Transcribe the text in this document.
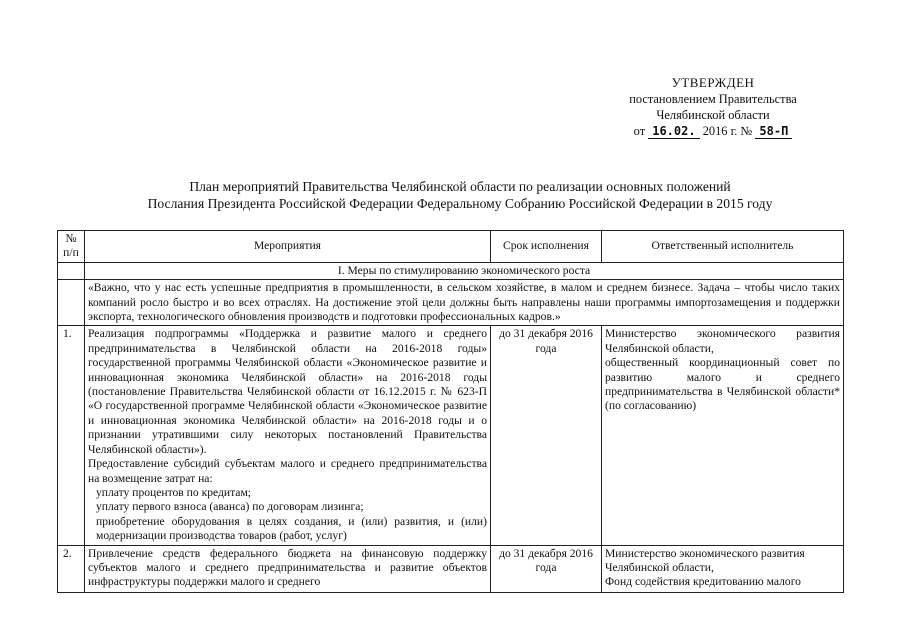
УТВЕРЖДЕН
постановлением Правительства
Челябинской области
от 16.02. 2016 г. № 58-П
План мероприятий Правительства Челябинской области по реализации основных положений
Послания Президента Российской Федерации Федеральному Собранию Российской Федерации в 2015 году
№ п/п	Мероприятия	Срок исполнения	Ответственный исполнитель
	I. Меры по стимулированию экономического роста		
	«Важно, что у нас есть успешные предприятия в промышленности, в сельском хозяйстве, в малом и среднем бизнесе. Задача – чтобы число таких компаний росло быстро и во всех отраслях. На достижение этой цели должны быть направлены наши программы импортозамещения и поддержки экспорта, технологического обновления производств и подготовки профессиональных кадров.»		
1.	Реализация подпрограммы «Поддержка и развитие малого и среднего предпринимательства в Челябинской области на 2016-2018 годы» государственной программы Челябинской области «Экономическое развитие и инновационная экономика Челябинской области» на 2016-2018 годы (постановление Правительства Челябинской области от 16.12.2015 г. № 623-П «О государственной программе Челябинской области «Экономическое развитие и инновационная экономика Челябинской области» на 2016-2018 годы и о признании утратившими силу некоторых постановлений Правительства Челябинской области»).
Предоставление субсидий субъектам малого и среднего предпринимательства на возмещение затрат на:
уплату процентов по кредитам;
уплату первого взноса (аванса) по договорам лизинга;
приобретение оборудования в целях создания, и (или) развития, и (или) модернизации производства товаров (работ, услуг)	до 31 декабря 2016 года	Министерство экономического развития Челябинской области,
общественный координационный совет по развитию малого и среднего предпринимательства в Челябинской области* (по согласованию)

2.	Привлечение средств федерального бюджета на финансовую поддержку субъектов малого и среднего предпринимательства и развитие объектов инфраструктуры поддержки малого и среднего	до 31 декабря 2016 года	Министерство экономического развития Челябинской области,
Фонд содействия кредитованию малого
